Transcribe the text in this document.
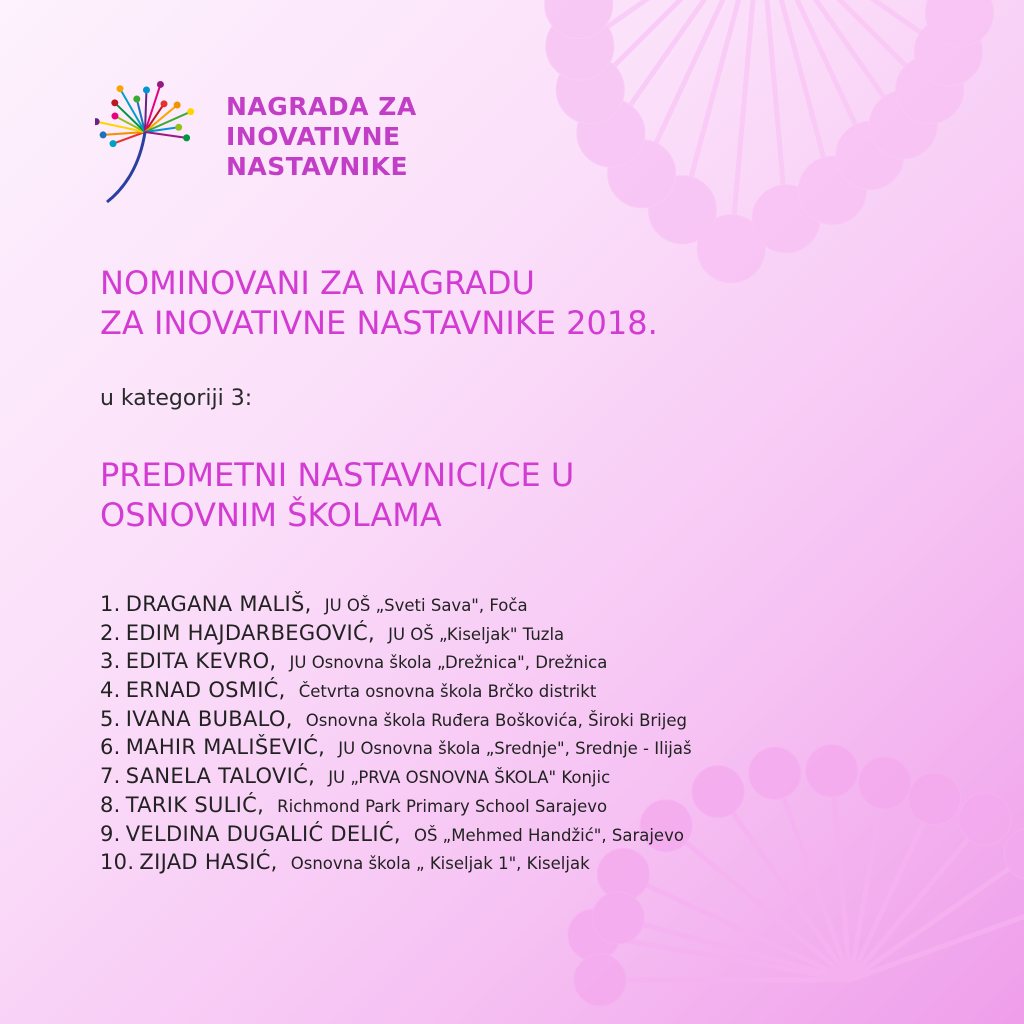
NAGRADA ZA
INOVATIVNE
NASTAVNIKE
NOMINOVANI ZA NAGRADU
ZA INOVATIVNE NASTAVNIKE 2018.

u kategoriji 3:

PREDMETNI NASTAVNICI/CE U
OSNOVNIM ŠKOLAMA
1. DRAGANA MALIŠ, JU OŠ „Sveti Sava", Foča
2. EDIM HAJDARBEGOVIĆ, JU OŠ „Kiseljak" Tuzla
3. EDITA KEVRO, JU Osnovna škola „Drežnica", Drežnica
4. ERNAD OSMIĆ, Četvrta osnovna škola Brčko distrikt
5. IVANA BUBALO, Osnovna škola Ruđera Boškovića, Široki Brijeg
6. MAHIR MALIŠEVIĆ, JU Osnovna škola „Srednje", Srednje - Ilijaš
7. SANELA TALOVIĆ, JU „PRVA OSNOVNA ŠKOLA" Konjic
8. TARIK SULIĆ, Richmond Park Primary School Sarajevo
9. VELDINA DUGALIĆ DELIĆ, OŠ „Mehmed Handžić", Sarajevo
10. ZIJAD HASIĆ, Osnovna škola „ Kiseljak 1", Kiseljak
